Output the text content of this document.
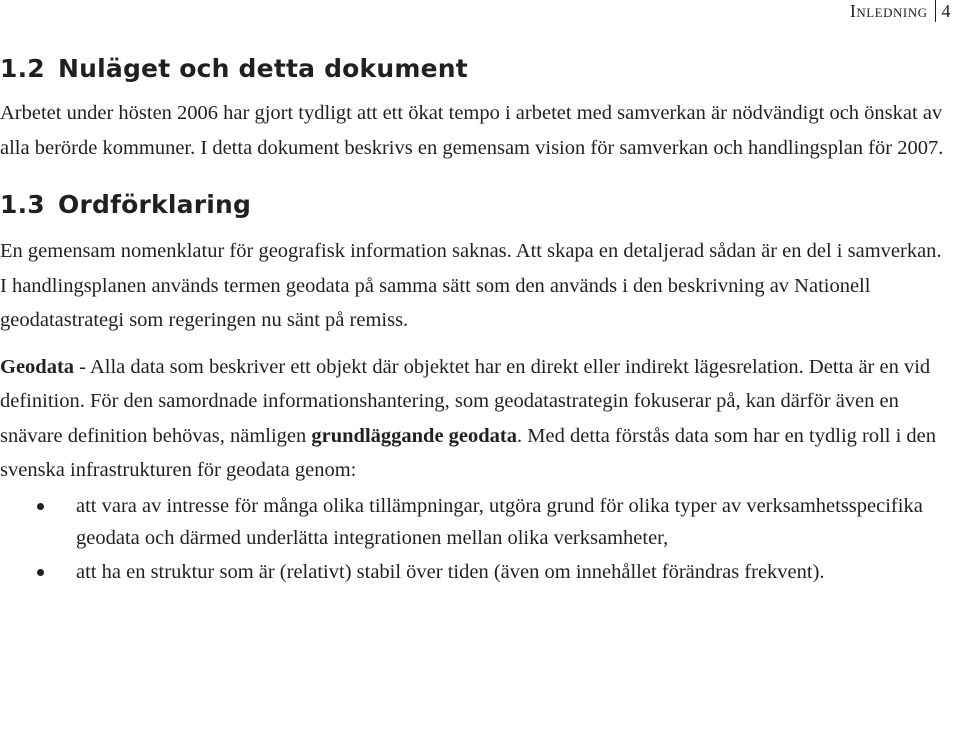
Inledning 4
1.2 Nuläget och detta dokument

Arbetet under hösten 2006 har gjort tydligt att ett ökat tempo i arbetet med samverkan är nödvändigt och önskat av alla berörde kommuner. I detta dokument beskrivs en gemensam vision för samverkan och handlingsplan för 2007.

1.3 Ordförklaring

En gemensam nomenklatur för geografisk information saknas. Att skapa en detaljerad sådan är en del i samverkan. I handlingsplanen används termen geodata på samma sätt som den används i den beskrivning av Nationell geodatastrategi som regeringen nu sänt på remiss.

Geodata - Alla data som beskriver ett objekt där objektet har en direkt eller indirekt lägesrelation. Detta är en vid definition. För den samordnade informationshantering, som geodatastrategin fokuserar på, kan därför även en snävare definition behövas, nämligen grundläggande geodata. Med detta förstås data som har en tydlig roll i den svenska infrastrukturen för geodata genom:

att vara av intresse för många olika tillämpningar, utgöra grund för olika typer av verksamhetsspecifika geodata och därmed underlätta integrationen mellan olika verksamheter,
att ha en struktur som är (relativt) stabil över tiden (även om innehållet förändras frekvent).
